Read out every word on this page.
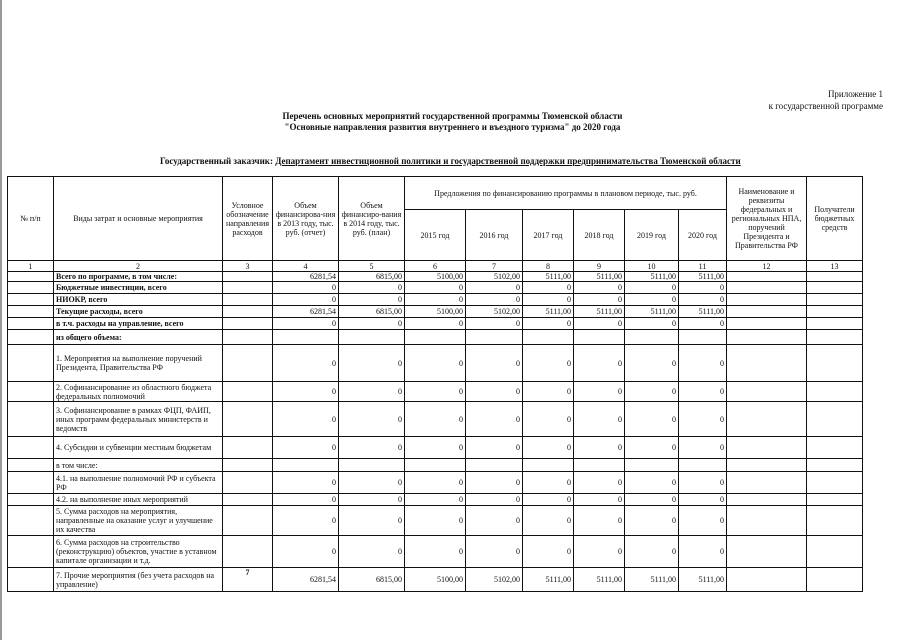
Приложение 1
к государственной программе
Перечень основных мероприятий государственной программы Тюменской области
"Основные направления развития внутреннего и въездного туризма" до 2020 года
Государственный заказчик: Департамент инвестиционной политики и государственной поддержки предпринимательства Тюменской области
№ п/п	Виды затрат и основные мероприятия	Условное обозначение направления расходов	Объем финансирова-ния в 2013 году, тыс. руб. (отчет)	Объем финансиро-вания в 2014 году, тыс. руб. (план)	Предложения по финансированию программы в плановом периоде, тыс. руб.						Наименование и реквизиты федеральных и региональных НПА, поручений Президента и Правительства РФ	Получатели бюджетных средств
					2015 год	2016 год	2017 год	2018 год	2019 год	2020 год		
1	2	3	4	5	6	7	8	9	10	11	12	13
	Всего по программе, в том числе:		6281,54	6815,00	5100,00	5102,00	5111,00	5111,00	5111,00	5111,00		
	Бюджетные инвестиции, всего		0	0	0	0	0	0	0	0		
	НИОКР, всего		0	0	0	0	0	0	0	0		
	Текущие расходы, всего		6281,54	6815,00	5100,00	5102,00	5111,00	5111,00	5111,00	5111,00		
	в т.ч. расходы на управление, всего		0	0	0	0	0	0	0	0		
	из общего объема:											
	1. Мероприятия на выполнение поручений Президента, Правительства РФ		0	0	0	0	0	0	0	0		
	2. Софинансирование из областного бюджета федеральных полномочий		0	0	0	0	0	0	0	0		
	3. Софинансирование в рамках ФЦП, ФАИП, иных программ федеральных министерств и ведомств		0	0	0	0	0	0	0	0		
	4. Субсидии и субвенции местным бюджетам		0	0	0	0	0	0	0	0		
	в том числе:											
	4.1. на выполнение полномочий РФ и субъекта РФ		0	0	0	0	0	0	0	0		
	4.2. на выполнение иных мероприятий		0	0	0	0	0	0	0	0		
	5. Сумма расходов на мероприятия, направленные на оказание услуг и улучшение их качества		0	0	0	0	0	0	0	0		
	6. Сумма расходов на строительство (реконструкцию) объектов, участие в уставном капитале организации и т.д.		0	0	0	0	0	0	0	0		
	7. Прочие мероприятия (без учета расходов на управление)	7	6281,54	6815,00	5100,00	5102,00	5111,00	5111,00	5111,00	5111,00		
